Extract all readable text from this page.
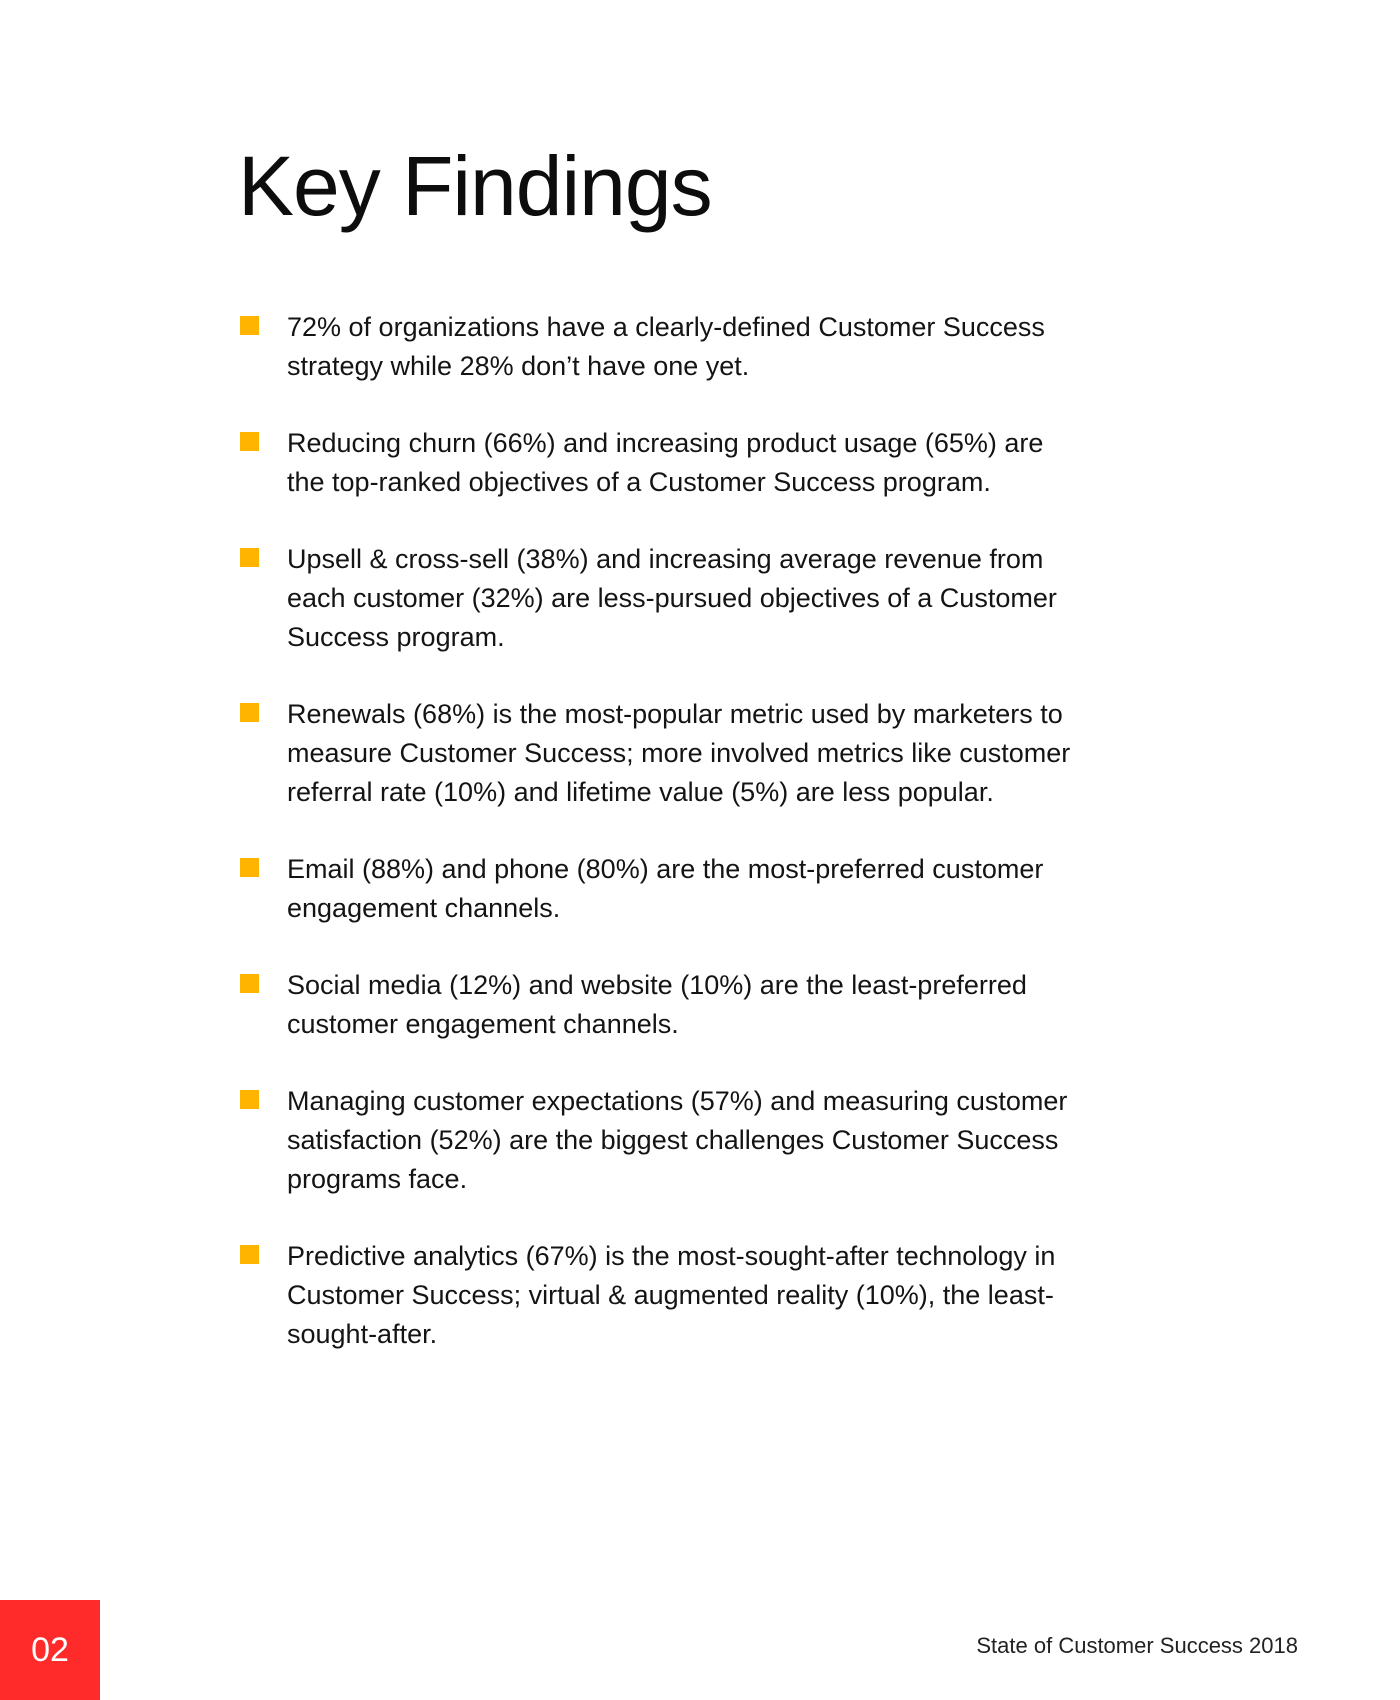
Key Findings
72% of organizations have a clearly-defined Customer Success strategy while 28% don’t have one yet.
Reducing churn (66%) and increasing product usage (65%) are the top-ranked objectives of a Customer Success program.
Upsell & cross-sell (38%) and increasing average revenue from each customer (32%) are less-pursued objectives of a Customer Success program.
Renewals (68%) is the most-popular metric used by marketers to measure Customer Success; more involved metrics like customer referral rate (10%) and lifetime value (5%) are less popular.
Email (88%) and phone (80%) are the most-preferred customer engagement channels.
Social media (12%) and website (10%) are the least-preferred customer engagement channels.
Managing customer expectations (57%) and measuring customer satisfaction (52%) are the biggest challenges Customer Success programs face.
Predictive analytics (67%) is the most-sought-after technology in Customer Success; virtual & augmented reality (10%), the least-sought-after.
02	State of Customer Success 2018
